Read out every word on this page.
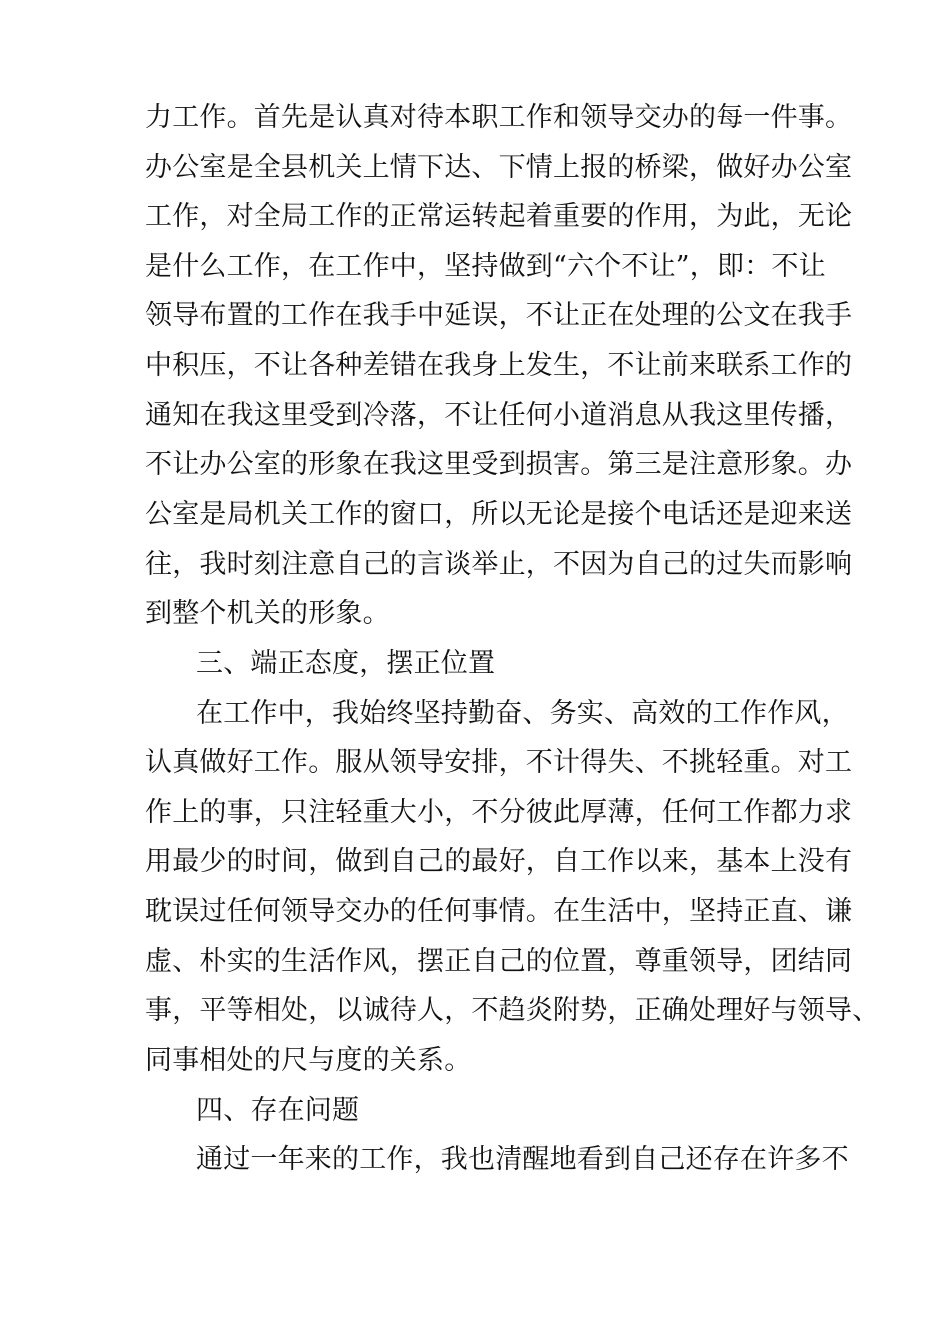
力工作。首先是认真对待本职工作和领导交办的每一件事。
办公室是全县机关上情下达、下情上报的桥梁，做好办公室
工作，对全局工作的正常运转起着重要的作用，为此，无论
是什么工作，在工作中，坚持做到“六个不让”，即：不让
领导布置的工作在我手中延误，不让正在处理的公文在我手
中积压，不让各种差错在我身上发生，不让前来联系工作的
通知在我这里受到冷落，不让任何小道消息从我这里传播，
不让办公室的形象在我这里受到损害。第三是注意形象。办
公室是局机关工作的窗口，所以无论是接个电话还是迎来送
往，我时刻注意自己的言谈举止，不因为自己的过失而影响
到整个机关的形象。
三、端正态度，摆正位置
在工作中，我始终坚持勤奋、务实、高效的工作作风，
认真做好工作。服从领导安排，不计得失、不挑轻重。对工
作上的事，只注轻重大小，不分彼此厚薄，任何工作都力求
用最少的时间，做到自己的最好，自工作以来，基本上没有
耽误过任何领导交办的任何事情。在生活中，坚持正直、谦
虚、朴实的生活作风，摆正自己的位置，尊重领导，团结同
事，平等相处，以诚待人，不趋炎附势，正确处理好与领导、
同事相处的尺与度的关系。
四、存在问题
通过一年来的工作，我也清醒地看到自己还存在许多不
